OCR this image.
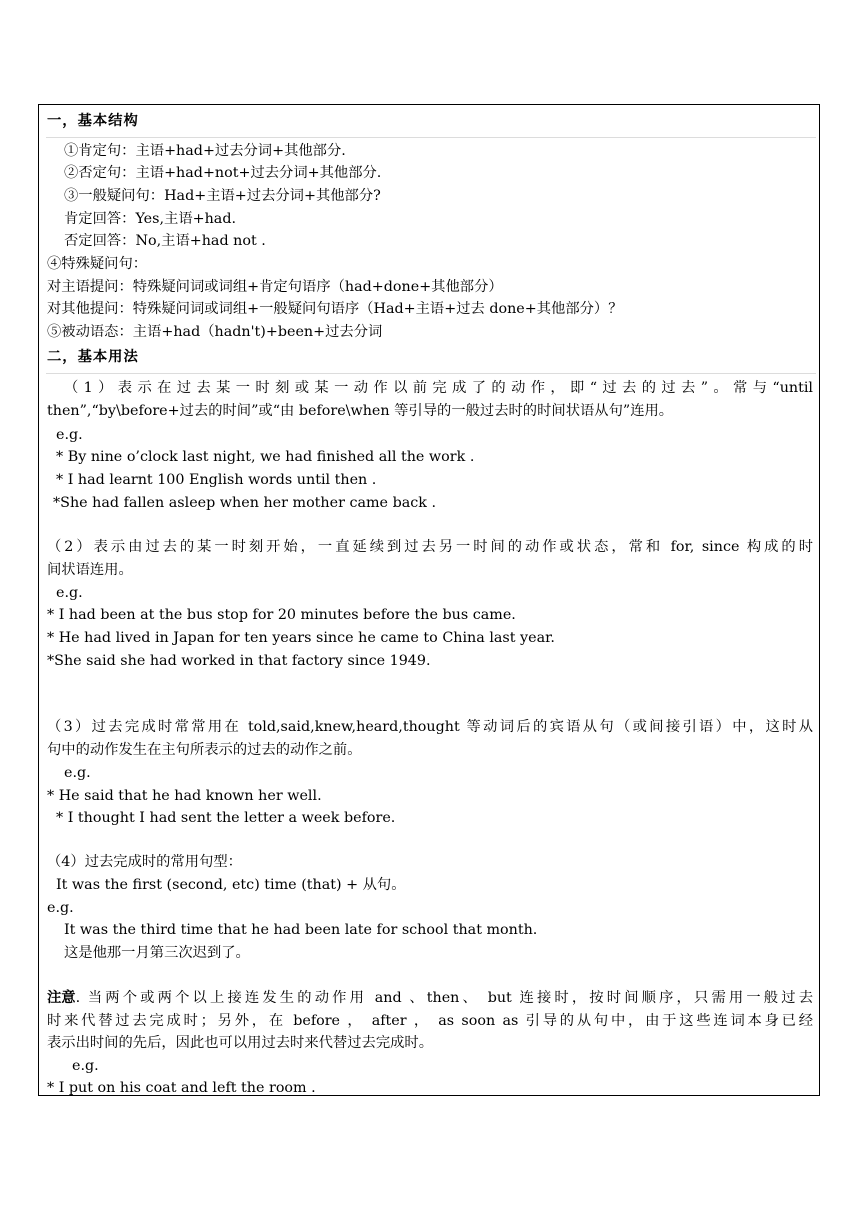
一，基本结构
①肯定句：主语+had+过去分词+其他部分.
②否定句：主语+had+not+过去分词+其他部分.
③一般疑问句：Had+主语+过去分词+其他部分?
肯定回答：Yes,主语+had.
否定回答：No,主语+had not .
④特殊疑问句：
对主语提问：特殊疑问词或词组+肯定句语序（had+done+其他部分）
对其他提问：特殊疑问词或词组+一般疑问句语序（Had+主语+过去 done+其他部分）？
⑤被动语态：主语+had（hadn't)+been+过去分词
二，基本用法
（1）表示在过去某一时刻或某一动作以前完成了的动作，即“过去的过去”。常与“until
then”,“by\before+过去的时间”或“由 before\when 等引导的一般过去时的时间状语从句”连用。
e.g.
* By nine o’clock last night, we had finished all the work .
* I had learnt 100 English words until then .
*She had fallen asleep when her mother came back .
（2）表示由过去的某一时刻开始，一直延续到过去另一时间的动作或状态，常和 for, since 构成的时
间状语连用。
e.g.
* I had been at the bus stop for 20 minutes before the bus came.
* He had lived in Japan for ten years since he came to China last year.
*She said she had worked in that factory since 1949.
（3）过去完成时常常用在 told,said,knew,heard,thought 等动词后的宾语从句（或间接引语）中，这时从
句中的动作发生在主句所表示的过去的动作之前。
e.g.
* He said that he had known her well.
* I thought I had sent the letter a week before.
（4）过去完成时的常用句型：
It was the first (second, etc) time (that) + 从句。
e.g.
It was the third time that he had been late for school that month.
这是他那一月第三次迟到了。
注意 . 当两个或两个以上接连发生的动作用 and 、then、 but 连接时，按时间顺序，只需用一般过去
时来代替过去完成时；另外，在 before ， after ， as soon as 引导的从句中，由于这些连词本身已经
表示出时间的先后，因此也可以用过去时来代替过去完成时。
e.g.
* I put on his coat and left the room .
